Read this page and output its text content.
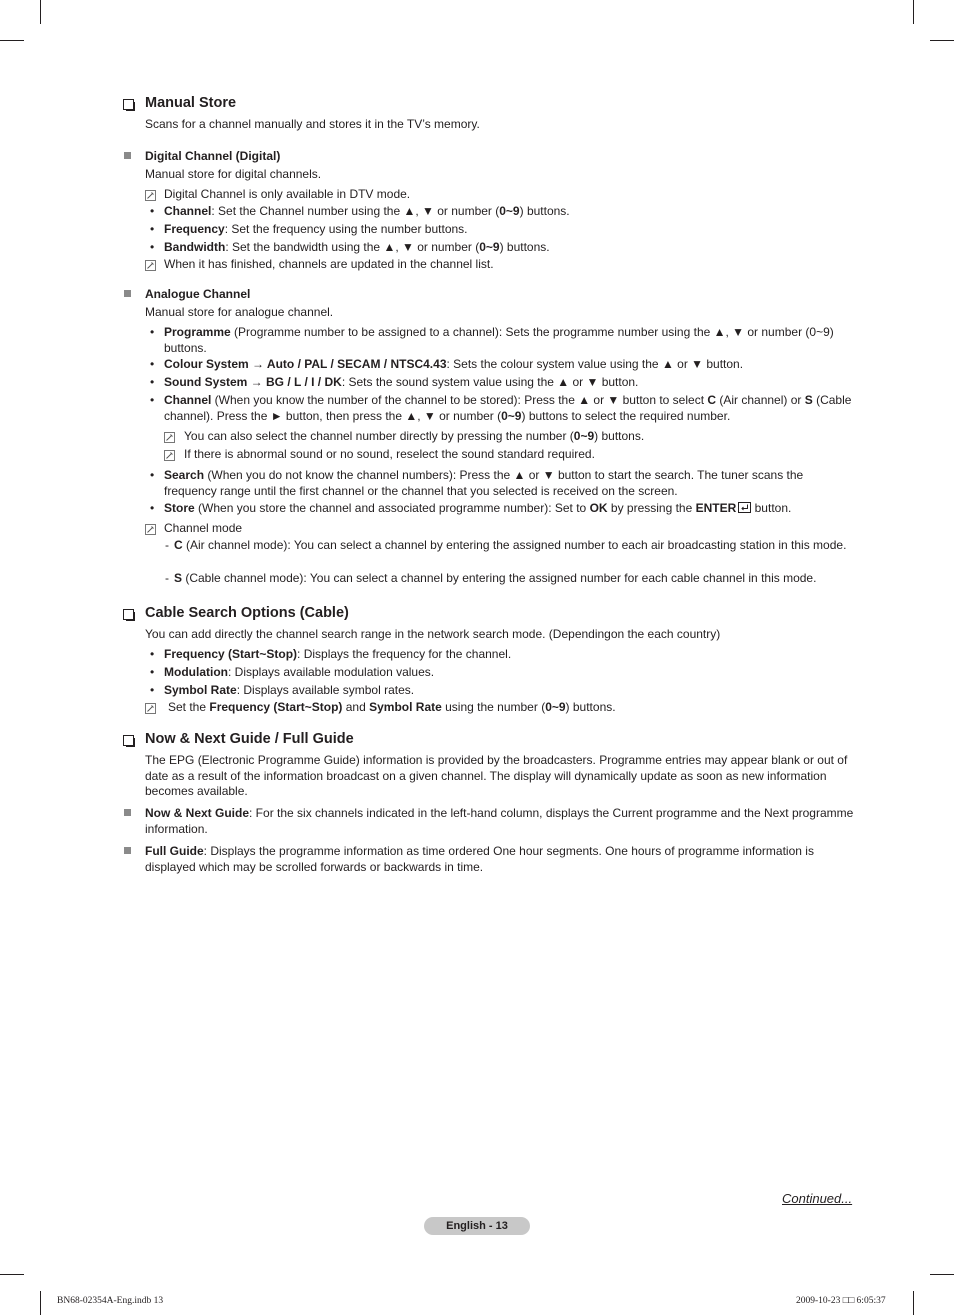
Manual Store
Scans for a channel manually and stores it in the TV’s memory.
Digital Channel (Digital)
Manual store for digital channels.
Digital Channel is only available in DTV mode.
• Channel: Set the Channel number using the ▲, ▼ or number (0~9) buttons.
• Frequency: Set the frequency using the number buttons.
• Bandwidth: Set the bandwidth using the ▲, ▼ or number (0~9) buttons.
When it has finished, channels are updated in the channel list.
Analogue Channel
Manual store for analogue channel.
• Programme (Programme number to be assigned to a channel): Sets the programme number using the ▲, ▼ or number (0~9) buttons.
• Colour System → Auto / PAL / SECAM / NTSC4.43: Sets the colour system value using the ▲ or ▼ button.
• Sound System → BG / L / I / DK: Sets the sound system value using the ▲ or ▼ button.
• Channel (When you know the number of the channel to be stored): Press the ▲ or ▼ button to select C (Air channel) or S (Cable channel). Press the ► button, then press the ▲, ▼ or number (0~9) buttons to select the required number.
You can also select the channel number directly by pressing the number (0~9) buttons.
If there is abnormal sound or no sound, reselect the sound standard required.
• Search (When you do not know the channel numbers): Press the ▲ or ▼ button to start the search. The tuner scans the frequency range until the first channel or the channel that you selected is received on the screen.
• Store (When you store the channel and associated programme number): Set to OK by pressing the ENTER button.
Channel mode
- C (Air channel mode): You can select a channel by entering the assigned number to each air broadcasting station in this mode.
- S (Cable channel mode): You can select a channel by entering the assigned number for each cable channel in this mode.
Cable Search Options (Cable)
You can add directly the channel search range in the network search mode. (Dependingon the each country)
• Frequency (Start~Stop): Displays the frequency for the channel.
• Modulation: Displays available modulation values.
• Symbol Rate: Displays available symbol rates.
Set the Frequency (Start~Stop) and Symbol Rate using the number (0~9) buttons.
Now & Next Guide / Full Guide
The EPG (Electronic Programme Guide) information is provided by the broadcasters. Programme entries may appear blank or out of date as a result of the information broadcast on a given channel. The display will dynamically update as soon as new information becomes available.
Now & Next Guide: For the six channels indicated in the left-hand column, displays the Current programme and the Next programme information.
Full Guide: Displays the programme information as time ordered One hour segments. One hours of programme information is displayed which may be scrolled forwards or backwards in time.
Continued...
English - 13
BN68-02354A-Eng.indb 13	2009-10-23 □□ 6:05:37
